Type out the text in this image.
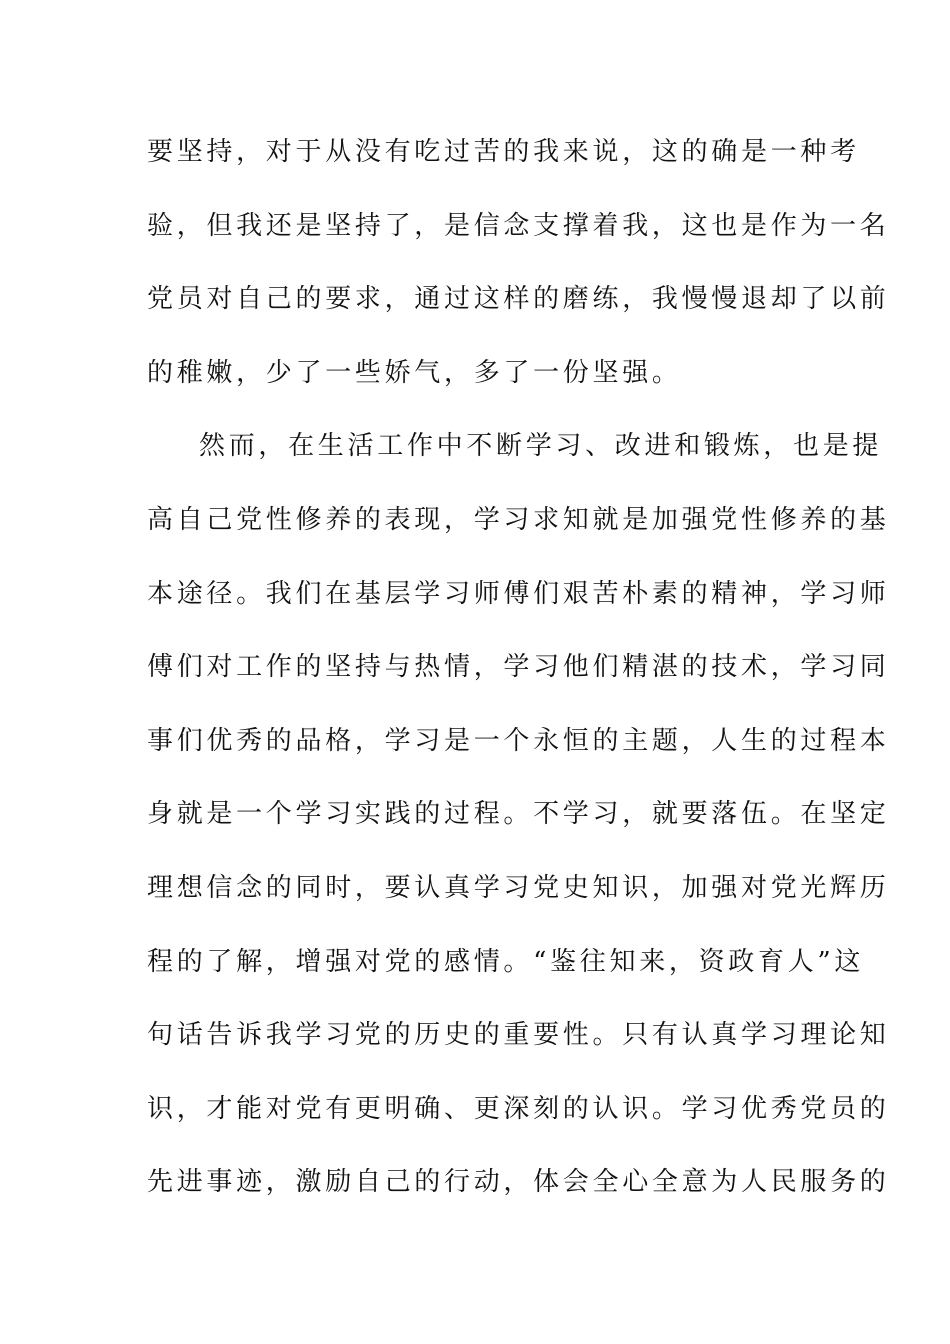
要坚持，对于从没有吃过苦的我来说，这的确是一种考
验，但我还是坚持了，是信念支撑着我，这也是作为一名
党员对自己的要求，通过这样的磨练，我慢慢退却了以前
的稚嫩，少了一些娇气，多了一份坚强。
然而，在生活工作中不断学习、改进和锻炼，也是提
高自己党性修养的表现，学习求知就是加强党性修养的基
本途径。我们在基层学习师傅们艰苦朴素的精神，学习师
傅们对工作的坚持与热情，学习他们精湛的技术，学习同
事们优秀的品格，学习是一个永恒的主题，人生的过程本
身就是一个学习实践的过程。不学习，就要落伍。在坚定
理想信念的同时，要认真学习党史知识，加强对党光辉历
程的了解，增强对党的感情。“鉴往知来，资政育人”这
句话告诉我学习党的历史的重要性。只有认真学习理论知
识，才能对党有更明确、更深刻的认识。学习优秀党员的
先进事迹，激励自己的行动，体会全心全意为人民服务的
